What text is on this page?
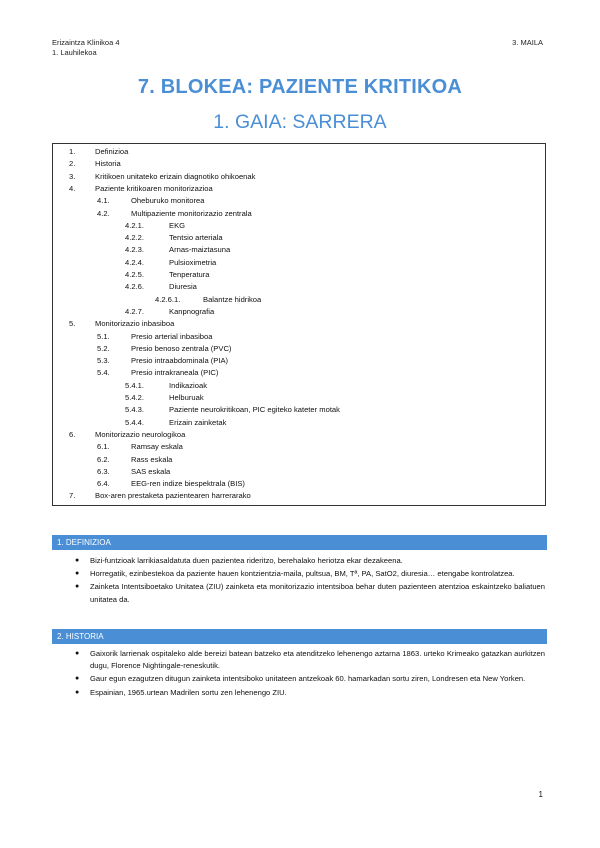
Erizaintza Klinikoa 4
1. Lauhilekoa
3. MAILA
7. BLOKEA: PAZIENTE KRITIKOA
1. GAIA: SARRERA
1.	Definizioa
2.	Historia
3.	Kritikoen unitateko erizain diagnotiko ohikoenak
4.	Paziente kritikoaren monitorizazioa
4.1.	Oheburuko monitorea
4.2.	Multipaziente monitorizazio zentrala
4.2.1.	EKG
4.2.2.	Tentsio arteriala
4.2.3.	Arnas-maiztasuna
4.2.4.	Pulsioximetria
4.2.5.	Tenperatura
4.2.6.	Diuresia
4.2.6.1.	Balantze hidrikoa
4.2.7.	Kanpnografia
5.	Monitorizazio inbasiboa
5.1.	Presio arterial inbasiboa
5.2.	Presio benoso zentrala (PVC)
5.3.	Presio intraabdominala (PIA)
5.4.	Presio intrakraneala (PIC)
5.4.1.	Indikazioak
5.4.2.	Helburuak
5.4.3.	Paziente neurokritikoan, PIC egiteko kateter motak
5.4.4.	Erizain zainketak
6.	Monitorizazio neurologikoa
6.1.	Ramsay eskala
6.2.	Rass eskala
6.3.	SAS eskala
6.4.	EEG-ren indize biespektrala (BIS)
7.	Box-aren prestaketa pazientearen harrerarako
1. DEFINIZIOA
● Bizi-funtzioak larrikiasaldatuta duen pazientea rideritzo, berehalako heriotza ekar dezakeena.
● Horregatik, ezinbestekoa da paziente hauen kontzientzia-maila, pultsua, BM, Tª, PA, SatO2, diuresia… etengabe kontrolatzea.
● Zainketa Intentsiboetako Unitatea (ZIU) zainketa eta monitorizazio intentsiboa behar duten pazienteen atentzioa eskaintzeko baliatuen unitatea da.
2. HISTORIA
● Gaixorik larrienak ospitaleko alde bereizi batean batzeko eta atenditzeko lehenengo aztarna 1863. urteko Krimeako gatazkan aurkitzen dugu, Florence Nightingale-reneskutik.
● Gaur egun ezagutzen ditugun zainketa intentsiboko unitateen antzekoak 60. hamarkadan sortu ziren, Londresen eta New Yorken.
● Espainian, 1965.urtean Madrilen sortu zen lehenengo ZIU.
1
